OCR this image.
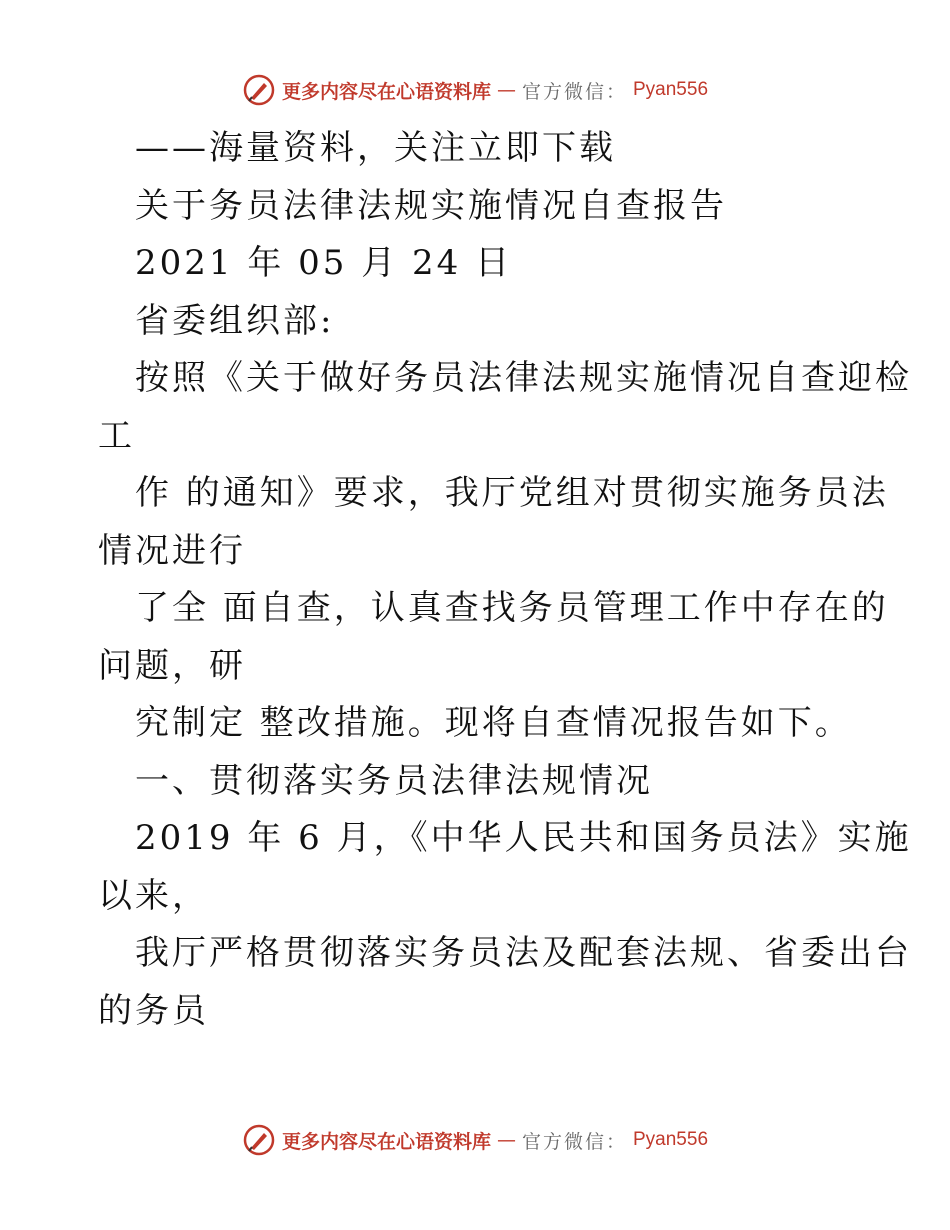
更多内容尽在心语资料库 — 官方微信： Pyan556
——海量资料，关注立即下载
关于务员法律法规实施情况自查报告
2021 年 05 月 24 日
省委组织部:
按照《关于做好务员法律法规实施情况自查迎检
工
作 的通知》要求，我厅党组对贯彻实施务员法
情况进行
了全 面自查，认真查找务员管理工作中存在的
问题，研
究制定 整改措施。现将自查情况报告如下。
一、贯彻落实务员法律法规情况
2019 年 6 月，《中华人民共和国务员法》实施
以来，
我厅严格贯彻落实务员法及配套法规、省委出台
的务员
更多内容尽在心语资料库 — 官方微信： Pyan556
